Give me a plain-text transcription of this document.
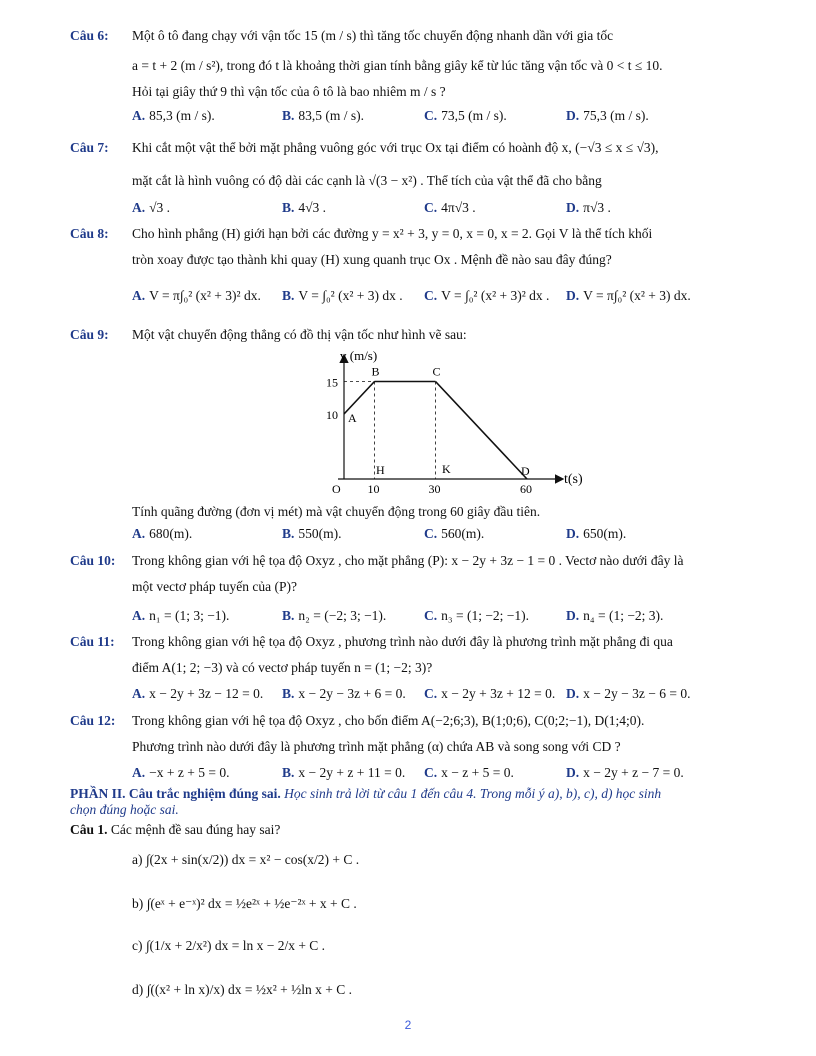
Câu 6: Một ô tô đang chạy với vận tốc 15 (m / s) thì tăng tốc chuyển động nhanh dần với gia tốc
a = t + 2 (m / s²), trong đó t là khoảng thời gian tính bằng giây kể từ lúc tăng vận tốc và 0 < t ≤ 10.
Hỏi tại giây thứ 9 thì vận tốc của ô tô là bao nhiêm m / s ?
A. 85,3 (m / s).	B. 83,5 (m / s).	C. 73,5 (m / s).	D. 75,3 (m / s).
Câu 7: Khi cắt một vật thể bởi mặt phẳng vuông góc với trục Ox tại điểm có hoành độ x, (−√3 ≤ x ≤ √3),
mặt cắt là hình vuông có độ dài các cạnh là √(3 − x²) . Thể tích của vật thể đã cho bằng
A. √3 .	B. 4√3 .	C. 4π√3 .	D. π√3 .
Câu 8: Cho hình phẳng (H) giới hạn bởi các đường y = x² + 3, y = 0, x = 0, x = 2. Gọi V là thể tích khối
tròn xoay được tạo thành khi quay (H) xung quanh trục Ox . Mệnh đề nào sau đây đúng?
A. V = π∫₀² (x² + 3)² dx. B. V = ∫₀² (x² + 3) dx . C. V = ∫₀² (x² + 3)² dx . D. V = π∫₀² (x² + 3) dx.
Câu 9: Một vật chuyển động thẳng có đồ thị vận tốc như hình vẽ sau:
15
10
10	30	60
A
B	C
D
v (m/s)
t(s)
O
H	K
Tính quãng đường (đơn vị mét) mà vật chuyển động trong 60 giây đầu tiên.
A. 680(m).	B. 550(m).	C. 560(m).	D. 650(m).
Câu 10: Trong không gian với hệ tọa độ Oxyz , cho mặt phẳng (P): x − 2y + 3z − 1 = 0 . Vectơ nào dưới đây là
một vectơ pháp tuyến của (P)?
A. n₁ = (1; 3; −1).	B. n₂ = (−2; 3; −1).	C. n₃ = (1; −2; −1).	D. n₄ = (1; −2; 3).
Câu 11: Trong không gian với hệ tọa độ Oxyz , phương trình nào dưới đây là phương trình mặt phẳng đi qua
điểm A(1; 2; −3) và có vectơ pháp tuyến n = (1; −2; 3)?
A. x − 2y + 3z − 12 = 0. B. x − 2y − 3z + 6 = 0. C. x − 2y + 3z + 12 = 0. D. x − 2y − 3z − 6 = 0.
Câu 12: Trong không gian với hệ tọa độ Oxyz , cho bốn điểm A(−2;6;3), B(1;0;6), C(0;2;−1), D(1;4;0).
Phương trình nào dưới đây là phương trình mặt phẳng (α) chứa AB và song song với CD ?
A. −x + z + 5 = 0.	B. x − 2y + z + 11 = 0. C. x − z + 5 = 0.	D. x − 2y + z − 7 = 0.
PHẦN II. Câu trắc nghiệm đúng sai. Học sinh trả lời từ câu 1 đến câu 4. Trong mỗi ý a), b), c), d) học sinh
chọn đúng hoặc sai.
Câu 1. Các mệnh đề sau đúng hay sai?
a) ∫(2x + sin(x/2)) dx = x² − cos(x/2) + C .
b) ∫(eˣ + e⁻ˣ)² dx = ½e²ˣ + ½e⁻²ˣ + x + C .
c) ∫(1/x + 2/x²) dx = ln x − 2/x + C .
d) ∫((x² + ln x)/x) dx = ½x² + ½ln x + C .
2
